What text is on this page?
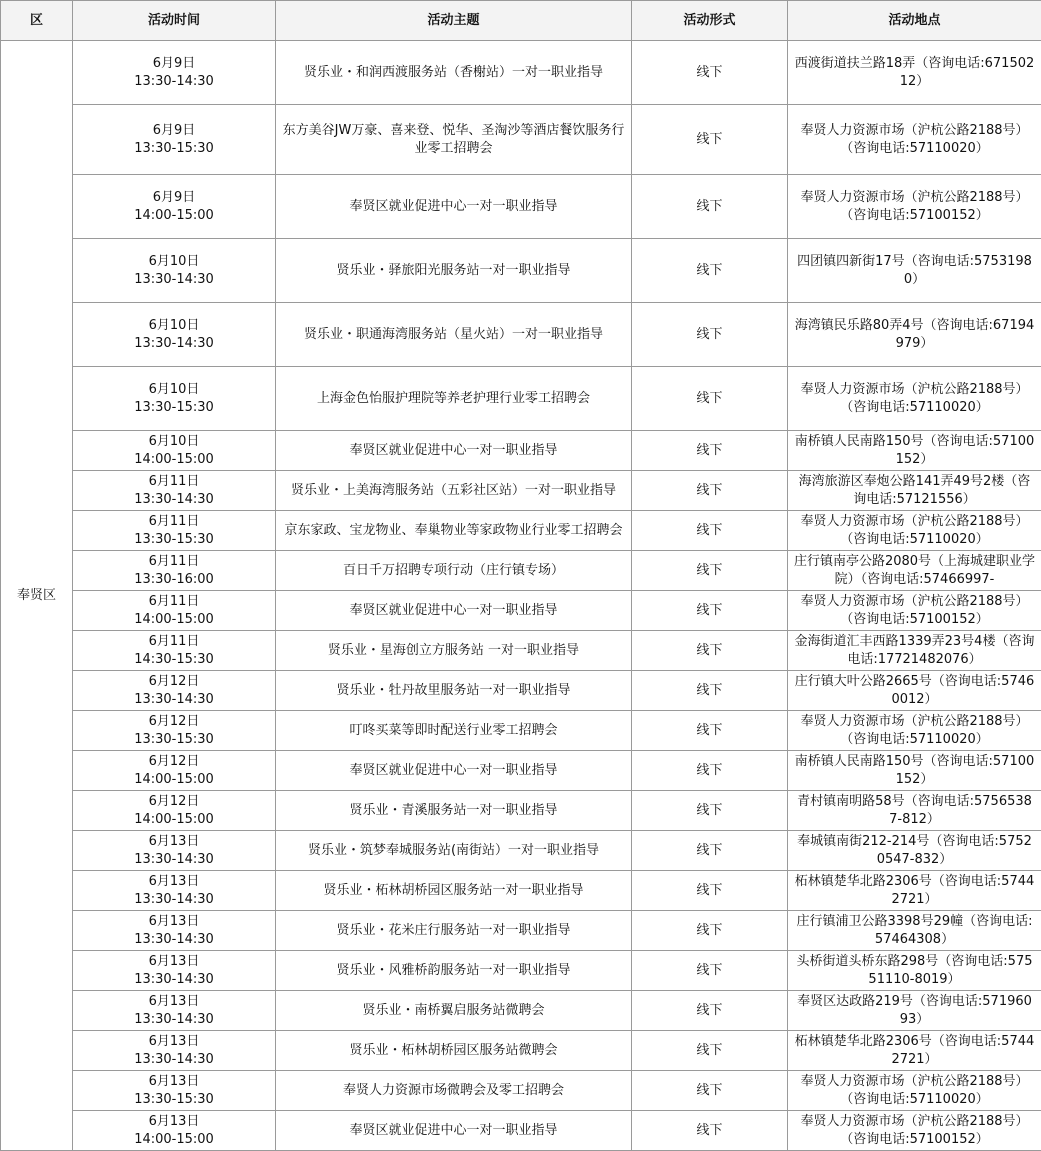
区	活动时间	活动主题	活动形式	活动地点
奉贤区	6月9日
13:30-14:30	贤乐业・和润西渡服务站（香榭站）一对一职业指导	线下	西渡街道扶兰路18弄（咨询电话:67150212）

	6月9日
13:30-15:30	东方美谷JW万豪、喜来登、悦华、圣淘沙等酒店餐饮服务行业零工招聘会	线下	奉贤人力资源市场（沪杭公路2188号）（咨询电话:57110020）

	6月9日
14:00-15:00	奉贤区就业促进中心一对一职业指导	线下	奉贤人力资源市场（沪杭公路2188号）（咨询电话:57100152）

	6月10日
13:30-14:30	贤乐业・驿旅阳光服务站一对一职业指导	线下	四团镇四新街17号（咨询电话:57531980）

	6月10日
13:30-14:30	贤乐业・职通海湾服务站（星火站）一对一职业指导	线下	海湾镇民乐路80弄4号（咨询电话:67194979）

	6月10日
13:30-15:30	上海金色怡服护理院等养老护理行业零工招聘会	线下	奉贤人力资源市场（沪杭公路2188号）（咨询电话:57110020）

	6月10日
14:00-15:00	奉贤区就业促进中心一对一职业指导	线下	南桥镇人民南路150号（咨询电话:57100152）

	6月11日
13:30-14:30	贤乐业・上美海湾服务站（五彩社区站）一对一职业指导	线下	海湾旅游区奉炮公路141弄49号2楼（咨询电话:57121556）

	6月11日
13:30-15:30	京东家政、宝龙物业、奉巢物业等家政物业行业零工招聘会	线下	奉贤人力资源市场（沪杭公路2188号）（咨询电话:57110020）

	6月11日
13:30-16:00	百日千万招聘专项行动（庄行镇专场）	线下	庄行镇南亭公路2080号（上海城建职业学院）（咨询电话:57466997-

	6月11日
14:00-15:00	奉贤区就业促进中心一对一职业指导	线下	奉贤人力资源市场（沪杭公路2188号）（咨询电话:57100152）

	6月11日
14:30-15:30	贤乐业・星海创立方服务站 一对一职业指导	线下	金海街道汇丰西路1339弄23号4楼（咨询电话:17721482076）

	6月12日
13:30-14:30	贤乐业・牡丹故里服务站一对一职业指导	线下	庄行镇大叶公路2665号（咨询电话:57460012）

	6月12日
13:30-15:30	叮咚买菜等即时配送行业零工招聘会	线下	奉贤人力资源市场（沪杭公路2188号）（咨询电话:57110020）

	6月12日
14:00-15:00	奉贤区就业促进中心一对一职业指导	线下	南桥镇人民南路150号（咨询电话:57100152）

	6月12日
14:00-15:00	贤乐业・青溪服务站一对一职业指导	线下	青村镇南明路58号（咨询电话:57565387-812）

	6月13日
13:30-14:30	贤乐业・筑梦奉城服务站(南街站）一对一职业指导	线下	奉城镇南街212-214号（咨询电话:57520547-832）

	6月13日
13:30-14:30	贤乐业・柘林胡桥园区服务站一对一职业指导	线下	柘林镇楚华北路2306号（咨询电话:57442721）

	6月13日
13:30-14:30	贤乐业・花米庄行服务站一对一职业指导	线下	庄行镇浦卫公路3398号29幢（咨询电话:57464308）

	6月13日
13:30-14:30	贤乐业・风雅桥韵服务站一对一职业指导	线下	头桥街道头桥东路298号（咨询电话:57551110-8019）

	6月13日
13:30-14:30	贤乐业・南桥翼启服务站微聘会	线下	奉贤区达政路219号（咨询电话:57196093）

	6月13日
13:30-14:30	贤乐业・柘林胡桥园区服务站微聘会	线下	柘林镇楚华北路2306号（咨询电话:57442721）

	6月13日
13:30-15:30	奉贤人力资源市场微聘会及零工招聘会	线下	奉贤人力资源市场（沪杭公路2188号）（咨询电话:57110020）

	6月13日
14:00-15:00	奉贤区就业促进中心一对一职业指导	线下	奉贤人力资源市场（沪杭公路2188号）（咨询电话:57100152）
